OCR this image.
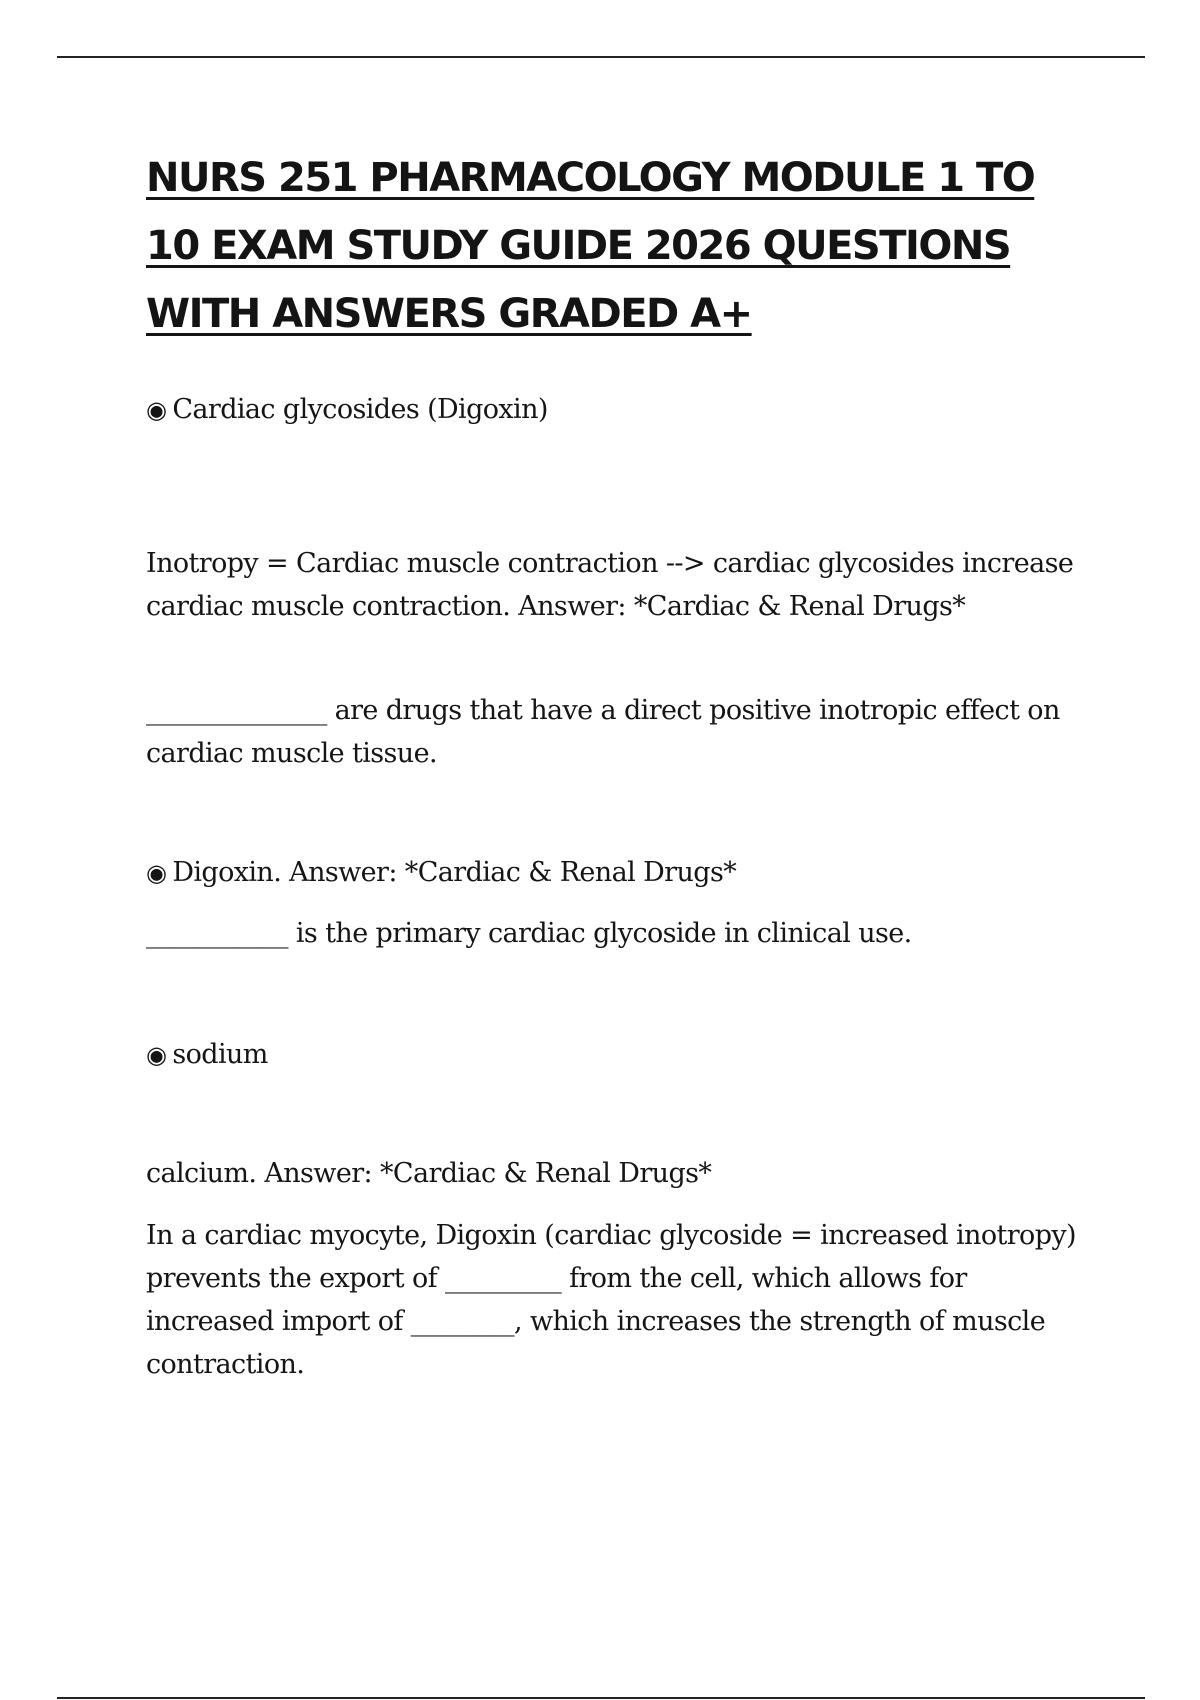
NURS 251 PHARMACOLOGY MODULE 1 TO 10 EXAM STUDY GUIDE 2026 QUESTIONS WITH ANSWERS GRADED A+

◉ Cardiac glycosides (Digoxin)

Inotropy = Cardiac muscle contraction --> cardiac glycosides increase cardiac muscle contraction. Answer: *Cardiac & Renal Drugs*

______________ are drugs that have a direct positive inotropic effect on cardiac muscle tissue.

◉ Digoxin. Answer: *Cardiac & Renal Drugs*

___________ is the primary cardiac glycoside in clinical use.

◉ sodium

calcium. Answer: *Cardiac & Renal Drugs*

In a cardiac myocyte, Digoxin (cardiac glycoside = increased inotropy) prevents the export of _________ from the cell, which allows for increased import of ________, which increases the strength of muscle contraction.
